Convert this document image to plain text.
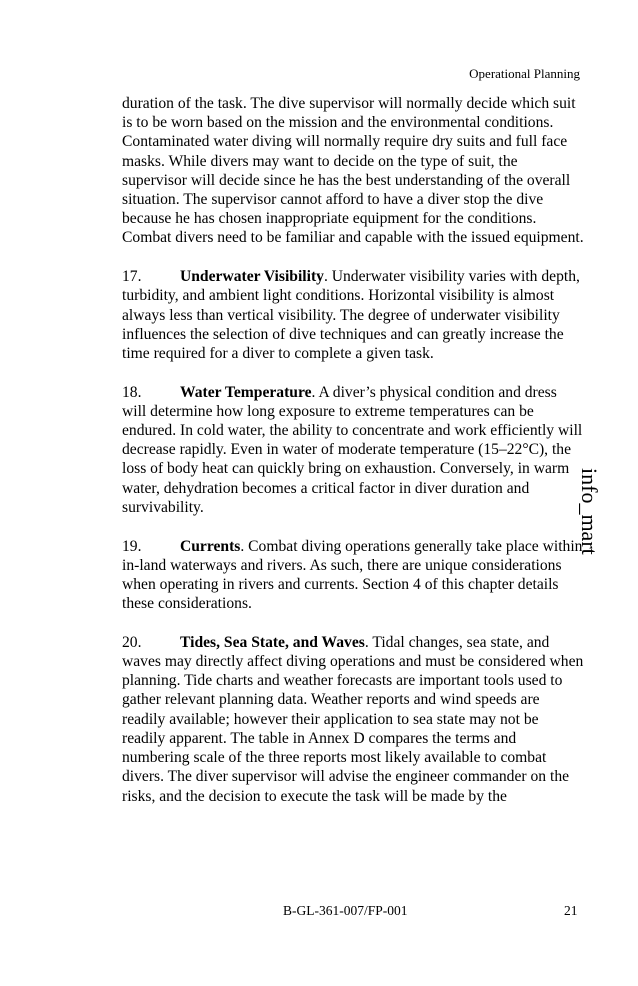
Operational Planning

duration of the task. The dive supervisor will normally decide which suit is to be worn based on the mission and the environmental conditions. Contaminated water diving will normally require dry suits and full face masks. While divers may want to decide on the type of suit, the supervisor will decide since he has the best understanding of the overall situation. The supervisor cannot afford to have a diver stop the dive because he has chosen inappropriate equipment for the conditions. Combat divers need to be familiar and capable with the issued equipment.

17. Underwater Visibility. Underwater visibility varies with depth, turbidity, and ambient light conditions. Horizontal visibility is almost always less than vertical visibility. The degree of underwater visibility influences the selection of dive techniques and can greatly increase the time required for a diver to complete a given task.

18. Water Temperature. A diver’s physical condition and dress will determine how long exposure to extreme temperatures can be endured. In cold water, the ability to concentrate and work efficiently will decrease rapidly. Even in water of moderate temperature (15–22°C), the loss of body heat can quickly bring on exhaustion. Conversely, in warm water, dehydration becomes a critical factor in diver duration and survivability.

19. Currents. Combat diving operations generally take place within in-land waterways and rivers. As such, there are unique considerations when operating in rivers and currents. Section 4 of this chapter details these considerations.

20. Tides, Sea State, and Waves. Tidal changes, sea state, and waves may directly affect diving operations and must be considered when planning. Tide charts and weather forecasts are important tools used to gather relevant planning data. Weather reports and wind speeds are readily available; however their application to sea state may not be readily apparent. The table in Annex D compares the terms and numbering scale of the three reports most likely available to combat divers. The diver supervisor will advise the engineer commander on the risks, and the decision to execute the task will be made by the

info_mart
B-GL-361-007/FP-001	21
